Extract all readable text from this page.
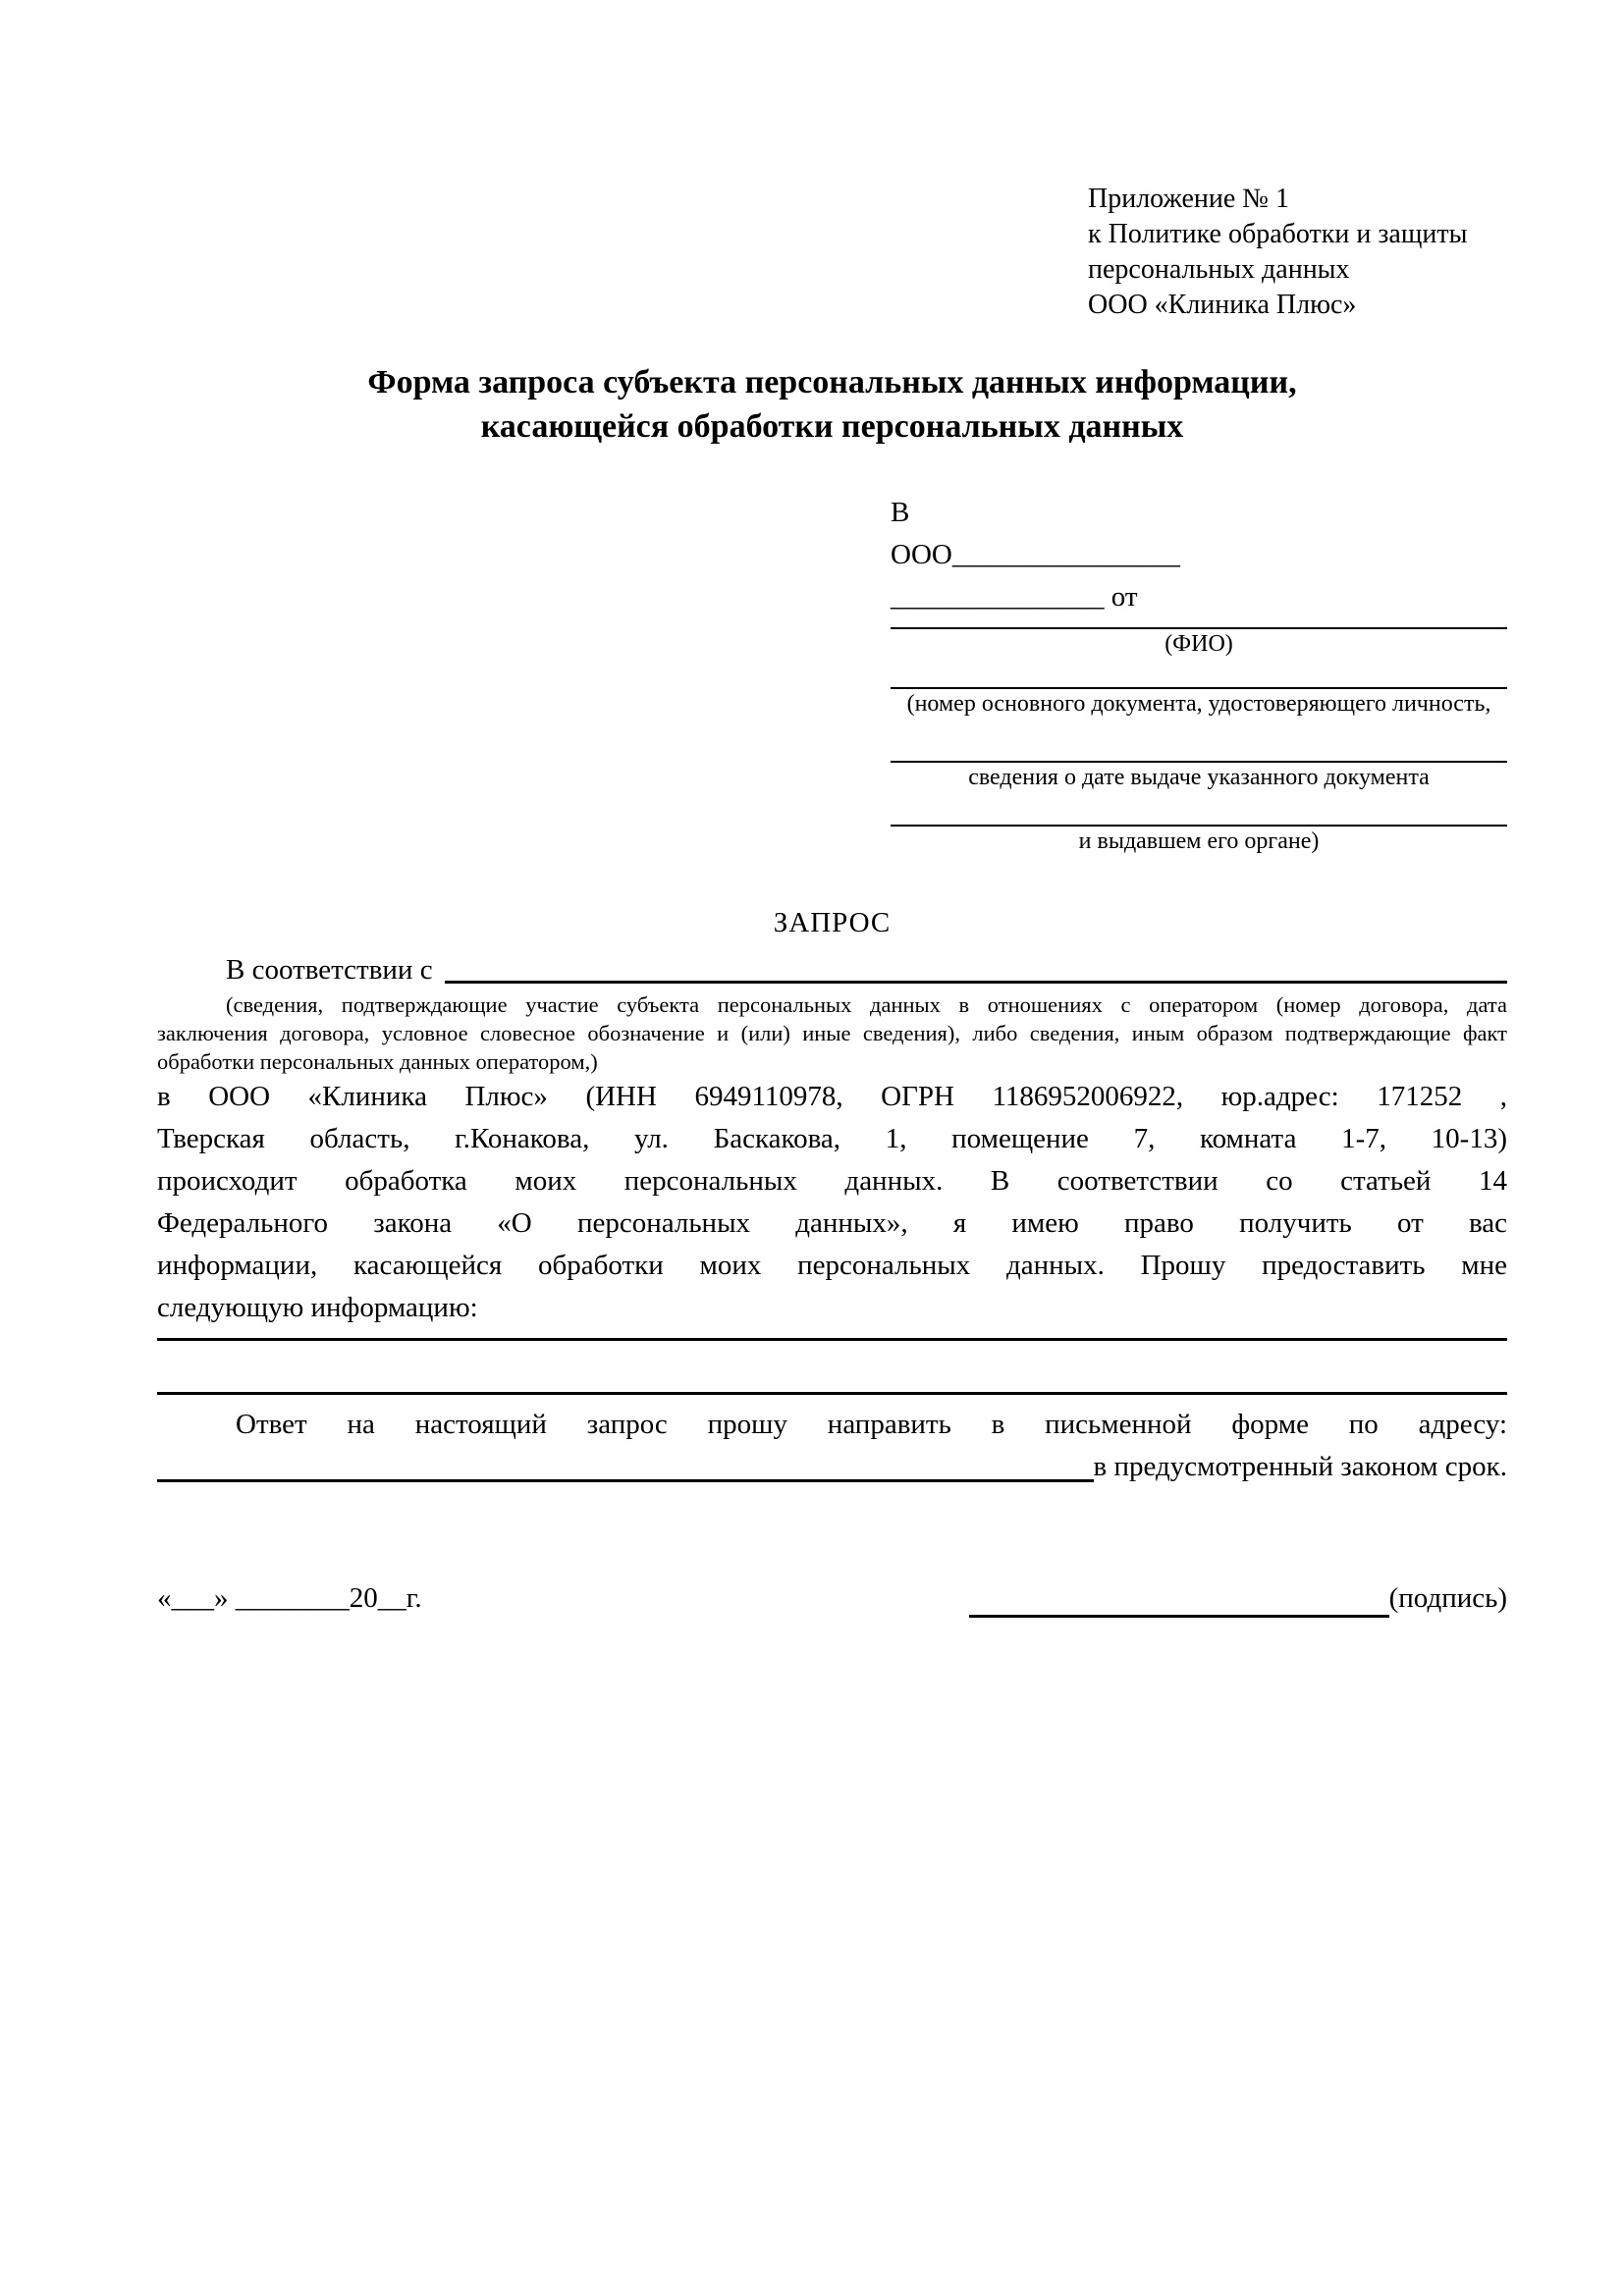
Приложение № 1
к Политике обработки и защиты
персональных данных
ООО «Клиника Плюс»
Форма запроса субъекта персональных данных информации,
касающейся обработки персональных данных
В
ООО________________
_______________ от
(ФИО)
(номер основного документа, удостоверяющего личность,
сведения о дате выдаче указанного документа
и выдавшем его органе)
ЗАПРОС
В соответствии с
(сведения, подтверждающие участие субъекта персональных данных в отношениях с оператором (номер договора, дата
заключения договора, условное словесное обозначение и (или) иные сведения), либо сведения, иным образом подтверждающие факт
обработки персональных данных оператором,)
в ООО «Клиника Плюс» (ИНН 6949110978, ОГРН 1186952006922, юр.адрес: 171252 ,
Тверская область, г.Конакова, ул. Баскакова, 1, помещение 7, комната 1-7, 10-13)
происходит обработка моих персональных данных. В соответствии со статьей 14
Федерального закона «О персональных данных», я имею право получить от вас
информации, касающейся обработки моих персональных данных. Прошу предоставить мне
следующую информацию:
Ответ на настоящий запрос прошу направить в письменной форме по адресу:
в предусмотренный законом срок.
«___» ________20__г.	(подпись)
